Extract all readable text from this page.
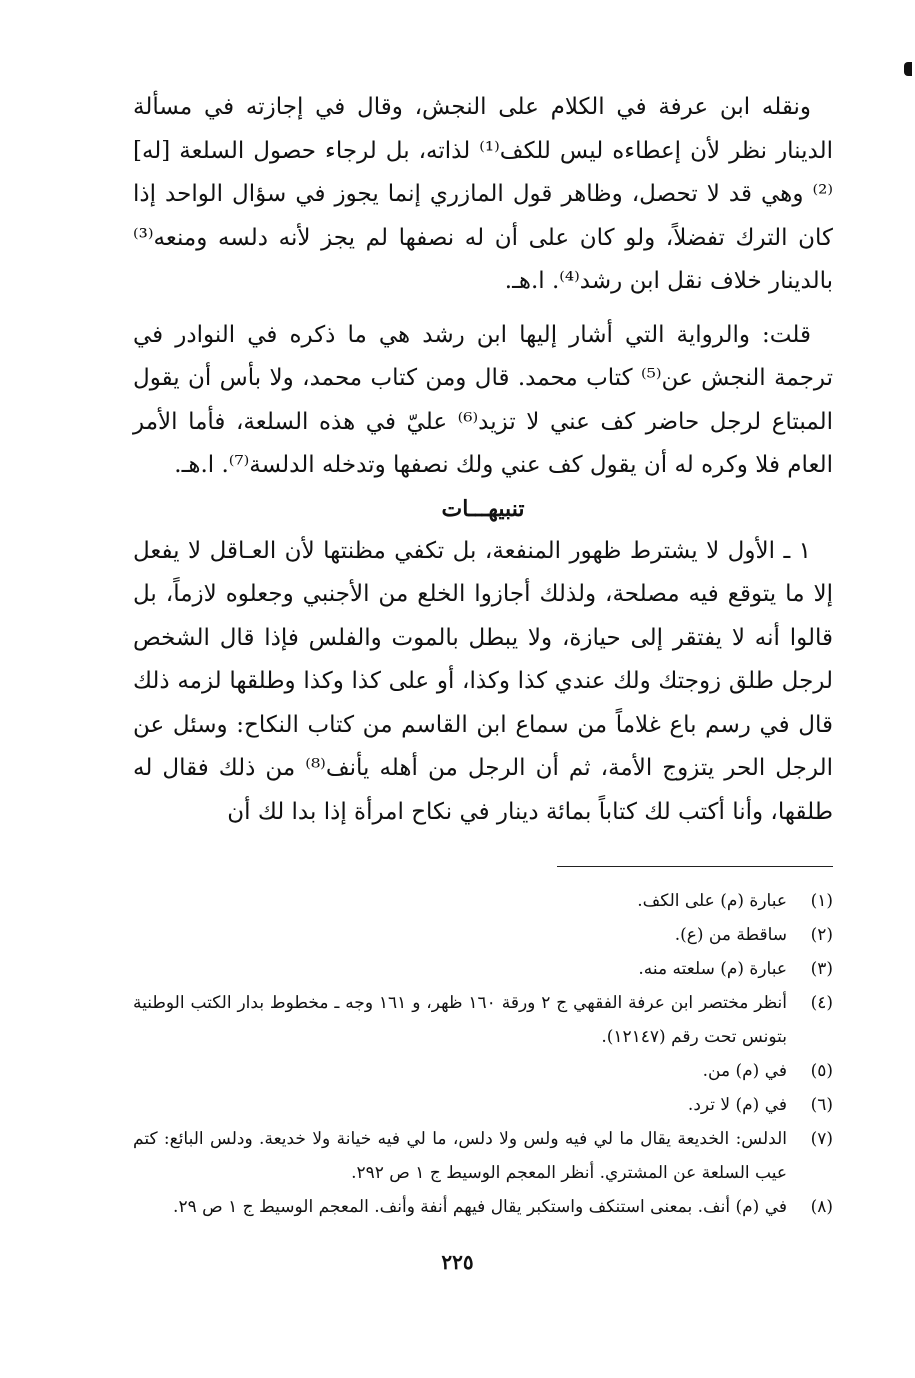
ونقله ابن عرفة في الكلام على النجش، وقال في إجازته في مسألة الدينار نظر لأن إعطاءه ليس للكف⁽¹⁾ لذاته، بل لرجاء حصول السلعة [له]⁽²⁾ وهي قد لا تحصل، وظاهر قول المازري إنما يجوز في سؤال الواحد إذا كان الترك تفضلاً، ولو كان على أن له نصفها لم يجز لأنه دلسه ومنعه⁽³⁾ بالدينار خلاف نقل ابن رشد⁽⁴⁾. ا.هـ.

قلت: والرواية التي أشار إليها ابن رشد هي ما ذكره في النوادر في ترجمة النجش عن⁽⁵⁾ كتاب محمد. قال ومن كتاب محمد، ولا بأس أن يقول المبتاع لرجل حاضر كف عني لا تزيد⁽⁶⁾ عليّ في هذه السلعة، فأما الأمر العام فلا وكره له أن يقول كف عني ولك نصفها وتدخله الدلسة⁽⁷⁾. ا.هـ.

تنبيهـــات

١ ـ الأول لا يشترط ظهور المنفعة، بل تكفي مظنتها لأن العـاقل لا يفعل إلا ما يتوقع فيه مصلحة، ولذلك أجازوا الخلع من الأجنبي وجعلوه لازماً، بل قالوا أنه لا يفتقر إلى حيازة، ولا يبطل بالموت والفلس فإذا قال الشخص لرجل طلق زوجتك ولك عندي كذا وكذا، أو على كذا وكذا وطلقها لزمه ذلك قال في رسم باع غلاماً من سماع ابن القاسم من كتاب النكاح: وسئل عن الرجل الحر يتزوج الأمة، ثم أن الرجل من أهله يأنف⁽⁸⁾ من ذلك فقال له طلقها، وأنا أكتب لك كتاباً بمائة دينار في نكاح امرأة إذا بدا لك أن

(١)
عبارة (م) على الكف.
(٢)
ساقطة من (ع).
(٣)
عبارة (م) سلعته منه.
(٤)
أنظر مختصر ابن عرفة الفقهي ج ٢ ورقة ١٦٠ ظهر، و ١٦١ وجه ـ مخطوط بدار الكتب الوطنية بتونس تحت رقم (١٢١٤٧).
(٥)
في (م) من.
(٦)
في (م) لا ترد.
(٧)
الدلس: الخديعة يقال ما لي فيه ولس ولا دلس، ما لي فيه خيانة ولا خديعة. ودلس البائع: كتم عيب السلعة عن المشتري. أنظر المعجم الوسيط ج ١ ص ٢٩٢.
(٨)
في (م) أنف. بمعنى استنكف واستكبر يقال فيهم أنفة وأنف. المعجم الوسيط ج ١ ص ٢٩.
٢٢٥
